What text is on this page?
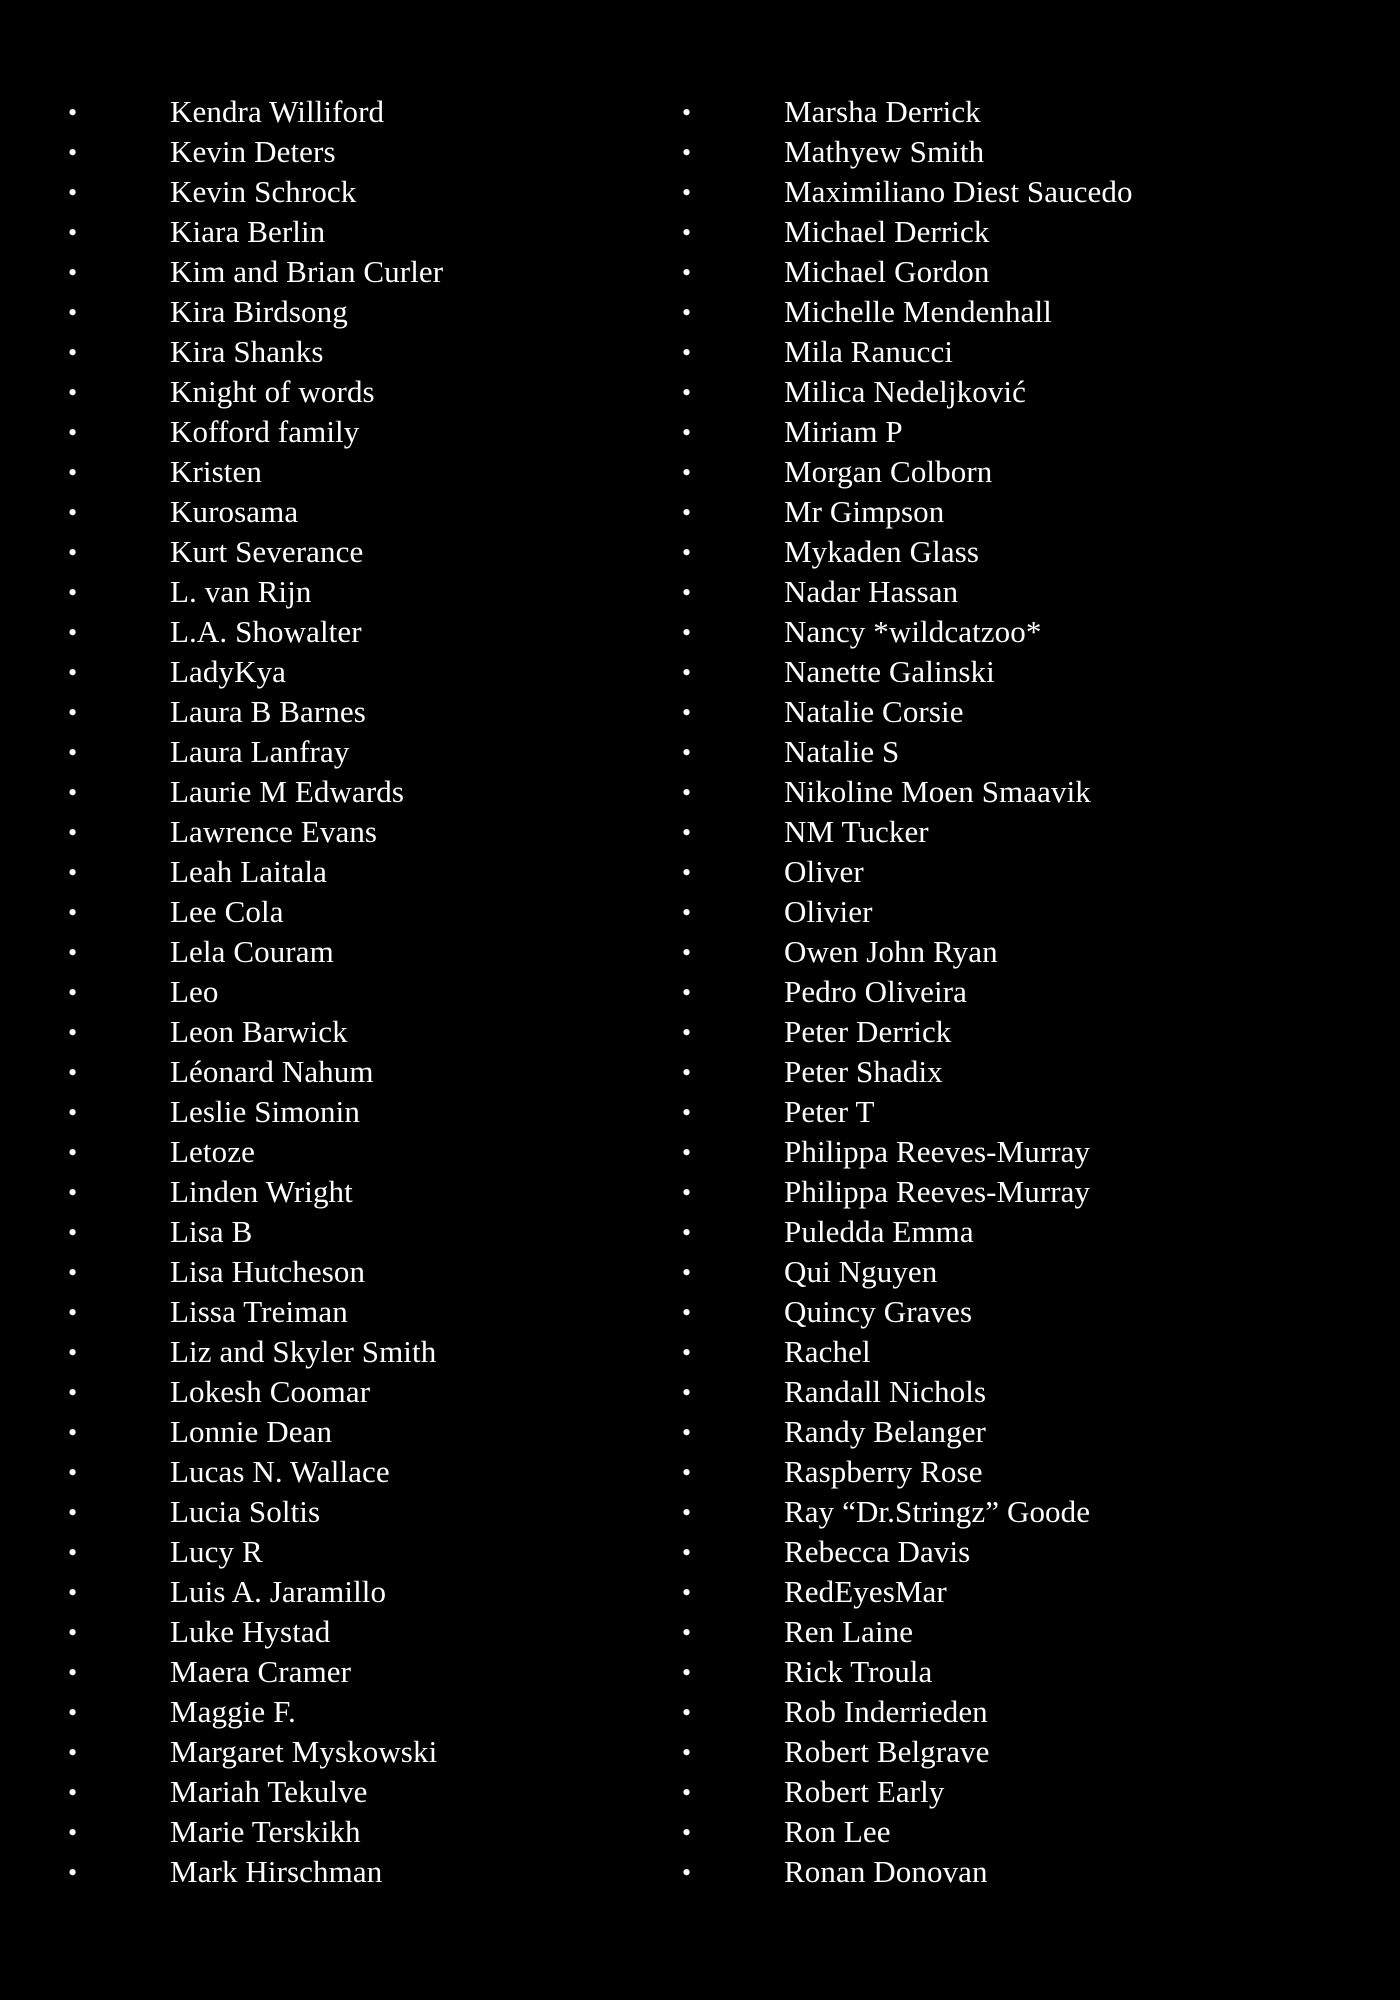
•	Kendra Williford
•	Kevin Deters
•	Kevin Schrock
•	Kiara Berlin
•	Kim and Brian Curler
•	Kira Birdsong
•	Kira Shanks
•	Knight of words
•	Kofford family
•	Kristen
•	Kurosama
•	Kurt Severance
•	L. van Rijn
•	L.A. Showalter
•	LadyKya
•	Laura B Barnes
•	Laura Lanfray
•	Laurie M Edwards
•	Lawrence Evans
•	Leah Laitala
•	Lee Cola
•	Lela Couram
•	Leo
•	Leon Barwick
•	Léonard Nahum
•	Leslie Simonin
•	Letoze
•	Linden Wright
•	Lisa B
•	Lisa Hutcheson
•	Lissa Treiman
•	Liz and Skyler Smith
•	Lokesh Coomar
•	Lonnie Dean
•	Lucas N. Wallace
•	Lucia Soltis
•	Lucy R
•	Luis A. Jaramillo
•	Luke Hystad
•	Maera Cramer
•	Maggie F.
•	Margaret Myskowski
•	Mariah Tekulve
•	Marie Terskikh
•	Mark Hirschman
•	Marsha Derrick
•	Mathyew Smith
•	Maximiliano Diest Saucedo
•	Michael Derrick
•	Michael Gordon
•	Michelle Mendenhall
•	Mila Ranucci
•	Milica Nedeljković
•	Miriam P
•	Morgan Colborn
•	Mr Gimpson
•	Mykaden Glass
•	Nadar Hassan
•	Nancy *wildcatzoo*
•	Nanette Galinski
•	Natalie Corsie
•	Natalie S
•	Nikoline Moen Smaavik
•	NM Tucker
•	Oliver
•	Olivier
•	Owen John Ryan
•	Pedro Oliveira
•	Peter Derrick
•	Peter Shadix
•	Peter T
•	Philippa Reeves-Murray
•	Philippa Reeves-Murray
•	Puledda Emma
•	Qui Nguyen
•	Quincy Graves
•	Rachel
•	Randall Nichols
•	Randy Belanger
•	Raspberry Rose
•	Ray “Dr.Stringz” Goode
•	Rebecca Davis
•	RedEyesMar
•	Ren Laine
•	Rick Troula
•	Rob Inderrieden
•	Robert Belgrave
•	Robert Early
•	Ron Lee
•	Ronan Donovan
